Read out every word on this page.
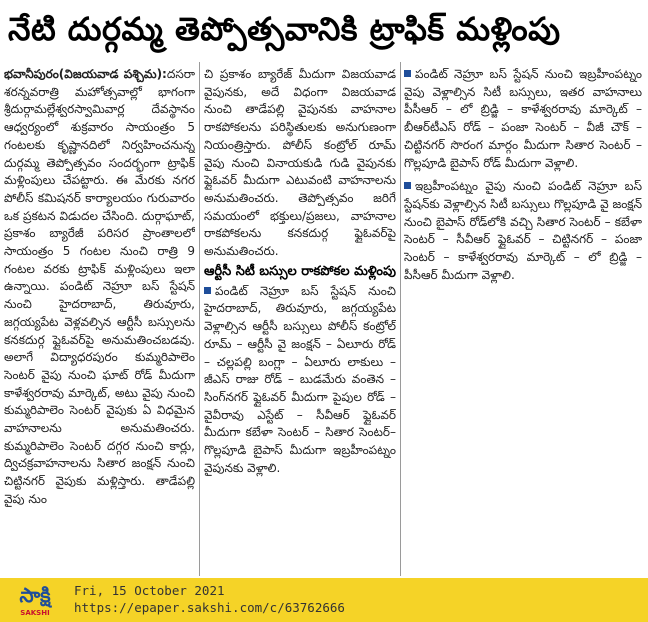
నేటి దుర్గమ్మ తెప్పోత్సవానికి ట్రాఫిక్ మళ్లింపు

భవానీపురం(విజయవాడ పశ్చిమ):దసరా శరన్నవరాత్రి మహోత్సవాల్లో భాగంగా శ్రీదుర్గామల్లేశ్వరస్వామివార్ల దేవస్థానం ఆధ్వర్యంలో శుక్రవారం సాయంత్రం 5 గంటలకు కృష్ణానదిలో నిర్వహించనున్న దుర్గమ్మ తెప్పోత్సవం సందర్భంగా ట్రాఫిక్ మళ్లింపులు చేపట్టారు. ఈ మేరకు నగర పోలీస్ కమిషనర్ కార్యాలయం గురువారం ఒక ప్రకటన విడుదల చేసింది. దుర్గాఘాట్, ప్రకాశం బ్యారేజీ పరిసర ప్రాంతాలలో సాయంత్రం 5 గంటల నుంచి రాత్రి 9 గంటల వరకు ట్రాఫిక్ మళ్లింపులు ఇలా ఉన్నాయి. పండిట్ నెహ్రూ బస్ స్టేషన్ నుంచి హైదరాబాద్, తిరువూరు, జగ్గయ్యపేట వెళ్లవల్సిన ఆర్టీసీ బస్సులను కనకదుర్గ ఫ్లైఓవర్‌పై అనుమతించబడవు. అలాగే విద్యాధరపురం కుమ్మరిపాలెం సెంటర్ వైపు నుంచి ఘాట్ రోడ్ మీదుగా కాళేశ్వరరావు మార్కెట్, అటు వైపు నుంచి కుమ్మరిపాలెం సెంటర్ వైపుకు ఏ విధమైన వాహనాలను అనుమతించరు. కుమ్మరిపాలెం సెంటర్ దగ్గర నుంచి కార్లు, ద్విచక్రవాహనాలను సితార జంక్షన్ నుంచి చిట్టినగర్ వైపుకు మళ్లిస్తారు. తాడేపల్లి వైపు నుం

చి ప్రకాశం బ్యారేజ్ మీదుగా విజయవాడ వైపునకు, అదే విధంగా విజయవాడ నుంచి తాడేపల్లి వైపునకు వాహనాల రాకపోకలను పరిస్థితులకు అనుగుణంగా నియంత్రిస్తారు. పోలీస్ కంట్రోల్ రూమ్ వైపు నుంచి వినాయకుడి గుడి వైపునకు ఫ్లైఓవర్ మీదుగా ఎటువంటి వాహనాలను అనుమతించరు. తెప్పోత్సవం జరిగే సమయంలో భక్తులు/ప్రజలు, వాహనాల రాకపోకలను కనకదుర్గ ఫ్లైఓవర్‌పై అనుమతించరు.

ఆర్టీసీ సిటీ బస్సుల రాకపోకల మళ్లింపు

పండిట్ నెహ్రూ బస్ స్టేషన్ నుంచి హైదరాబాద్, తిరువూరు, జగ్గయ్యపేట వెళ్లాల్సిన ఆర్టీసీ బస్సులు పోలీస్ కంట్రోల్ రూమ్ – ఆర్టీసీ వై జంక్షన్ – ఏలూరు రోడ్ – చల్లపల్లి బంగ్లా – ఏలూరు లాకులు – జీఎస్ రాజు రోడ్ – బుడమేరు వంతెన – సింగ్‌నగర్ ఫ్లైఓవర్ మీదుగా పైపుల రోడ్ – వైవీరావు ఎస్టేట్ – సీవీఆర్ ఫ్లైఓవర్ మీదుగా కబేళా సెంటర్ – సితార సెంటర్– గొల్లపూడి బైపాస్ మీదుగా ఇబ్రహీంపట్నం వైపునకు వెళ్లాలి.

పండిట్ నెహ్రూ బస్ స్టేషన్ నుంచి ఇబ్రహీంపట్నం వైపు వెళ్లాల్సిన సిటీ బస్సులు, ఇతర వాహనాలు పీసీఆర్ – లో బ్రిడ్జి – కాళేశ్వరరావు మార్కెట్ – బీఆర్‌టీఎస్ రోడ్ – పంజా సెంటర్ – వీజీ చౌక్ – చిట్టినగర్ సొరంగ మార్గం మీదుగా సితార సెంటర్ – గొల్లపూడి బైపాస్ రోడ్ మీదుగా వెళ్లాలి.

ఇబ్రహీంపట్నం వైపు నుంచి పండిట్ నెహ్రూ బస్ స్టేషన్‌కు వెళ్లాల్సిన సిటీ బస్సులు గొల్లపూడి వై జంక్షన్ నుంచి బైపాస్ రోడ్‌లోకి వచ్చి సితార సెంటర్ – కబేళా సెంటర్ – సీవీఆర్ ఫ్లైఓవర్ – చిట్టినగర్ – పంజా సెంటర్ – కాళేశ్వరరావు మార్కెట్ – లో బ్రిడ్జి – పీసీఆర్ మీదుగా వెళ్లాలి.

సాక్షి
SAKSHI
Fri, 15 October 2021
https://epaper.sakshi.com/c/63762666
